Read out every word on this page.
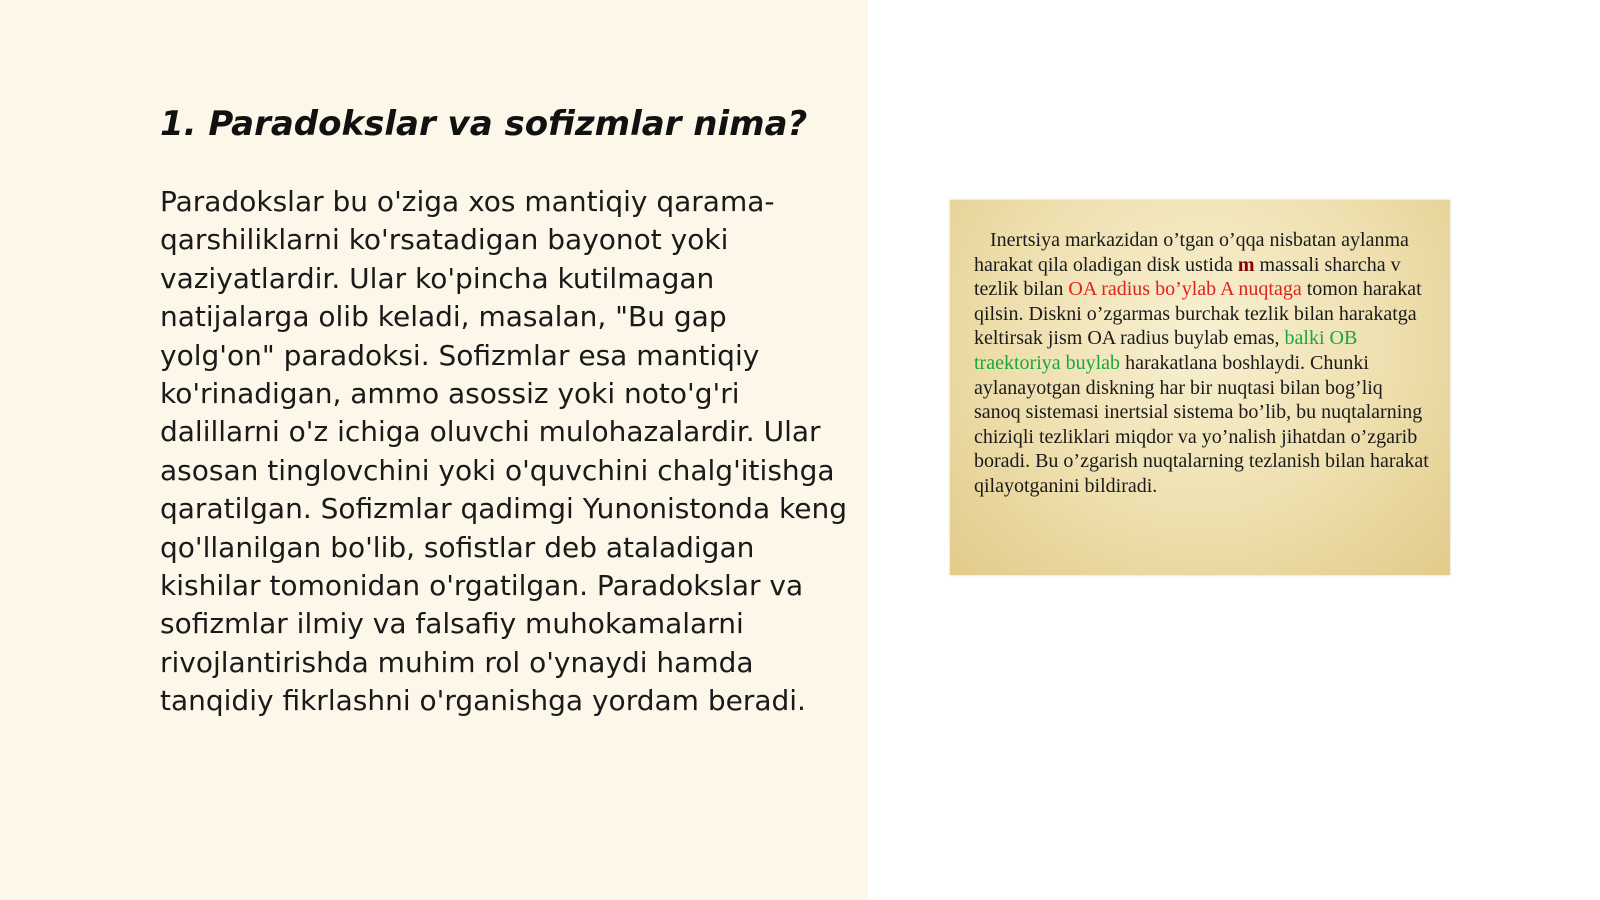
1. Paradokslar va sofizmlar nima?

Paradokslar bu o'ziga xos mantiqiy qarama-qarshiliklarni ko'rsatadigan bayonot yoki vaziyatlardir. Ular ko'pincha kutilmagan natijalarga olib keladi, masalan, "Bu gap yolg'on" paradoksi. Sofizmlar esa mantiqiy ko'rinadigan, ammo asossiz yoki noto'g'ri dalillarni o'z ichiga oluvchi mulohazalardir. Ular asosan tinglovchini yoki o'quvchini chalg'itishga qaratilgan. Sofizmlar qadimgi Yunonistonda keng qo'llanilgan bo'lib, sofistlar deb ataladigan kishilar tomonidan o'rgatilgan. Paradokslar va sofizmlar ilmiy va falsafiy muhokamalarni rivojlantirishda muhim rol o'ynaydi hamda tanqidiy fikrlashni o'rganishga yordam beradi.

Inertsiya markazidan o’tgan o’qqa nisbatan aylanma harakat qila oladigan disk ustida m massali sharcha v tezlik bilan OA radius bo’ylab A nuqtaga tomon harakat qilsin. Diskni o’zgarmas burchak tezlik bilan harakatga keltirsak jism OA radius buylab emas, balki OB traektoriya buylab harakatlana boshlaydi. Chunki aylanayotgan diskning har bir nuqtasi bilan bog’liq sanoq sistemasi inertsial sistema bo’lib, bu nuqtalarning chiziqli tezliklari miqdor va yo’nalish jihatdan o’zgarib boradi. Bu o’zgarish nuqtalarning tezlanish bilan harakat qilayotganini bildiradi.
